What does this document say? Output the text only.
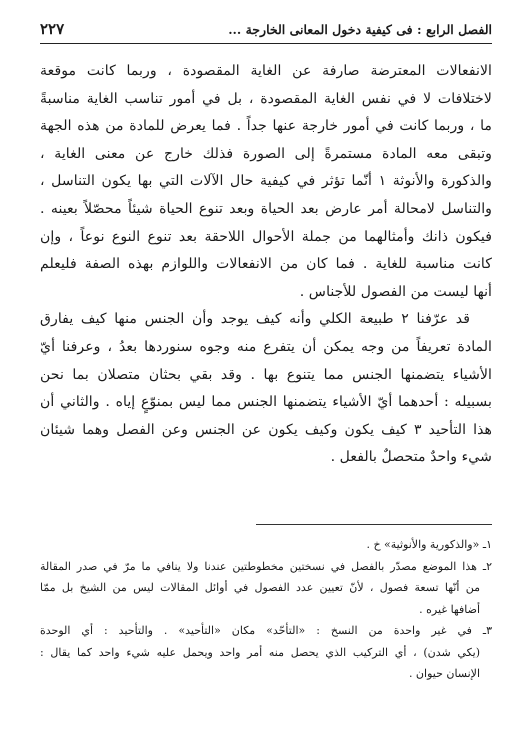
الفصل الرابع : فی کیفیة دخول المعانی الخارجة ...
٢٢٧

الانفعالات المعترضة صارفة عن الغاية المقصودة ، وربما كانت موقعة
لاختلافات لا في نفس الغاية المقصودة ، بل في أمور تناسب الغاية مناسبةً
ما ، وربما كانت في أمور خارجة عنها جداً . فما يعرض للمادة من هذه الجهة
وتبقى معه المادة مستمرةً إلى الصورة فذلك خارج عن معنى الغاية ،
والذكورة والأنوثة ١ أنّما تؤثر في كيفية حال الآلات التي بها يكون التناسل ،
والتناسل لامحالة أمر عارض بعد الحياة وبعد تنوع الحياة شيئاً محصّلاً بعينه .
فيكون ذانك وأمثالهما من جملة الأحوال اللاحقة بعد تنوع النوع نوعاً ، وإن
كانت مناسبة للغاية . فما كان من الانفعالات واللوازم بهذه الصفة فليعلم
أنها ليست من الفصول للأجناس .

قد عرّفنا ٢ طبيعة الكلي وأنه كيف يوجد وأن الجنس منها كيف يفارق
المادة تعريفاً من وجه يمكن أن يتفرع منه وجوه سنوردها بعدُ ، وعرفنا أيّ
الأشياء يتضمنها الجنس مما يتنوع بها . وقد بقي بحثان متصلان بما نحن
بسبيله : أحدهما أيّ الأشياء يتضمنها الجنس مما ليس بمنوّعٍ إياه . والثاني أن
هذا التأحيد ٣ كيف يكون وكيف يكون عن الجنس وعن الفصل وهما شيئان
شيء واحدٌ متحصلٌ بالفعل .

١ـ «والذكورية والأنوثية» خ .
٢ـ هذا الموضع مصدّر بالفصل في نسختين مخطوطتين عندنا ولا ينافي ما مرّ في صدر المقالة
من أنّها تسعة فصول ، لأنّ تعيين عدد الفصول في أوائل المقالات ليس من الشيخ بل ممّا
أضافها غيره .
٣ـ في غير واحدة من النسخ : «التأحّد» مكان «التأحيد» . والتأحيد : أي الوحدة
(يكي شدن) ، أي التركيب الذي يحصل منه أمر واحد ويحمل عليه شيء واحد كما يقال :
الإنسان حيوان .
